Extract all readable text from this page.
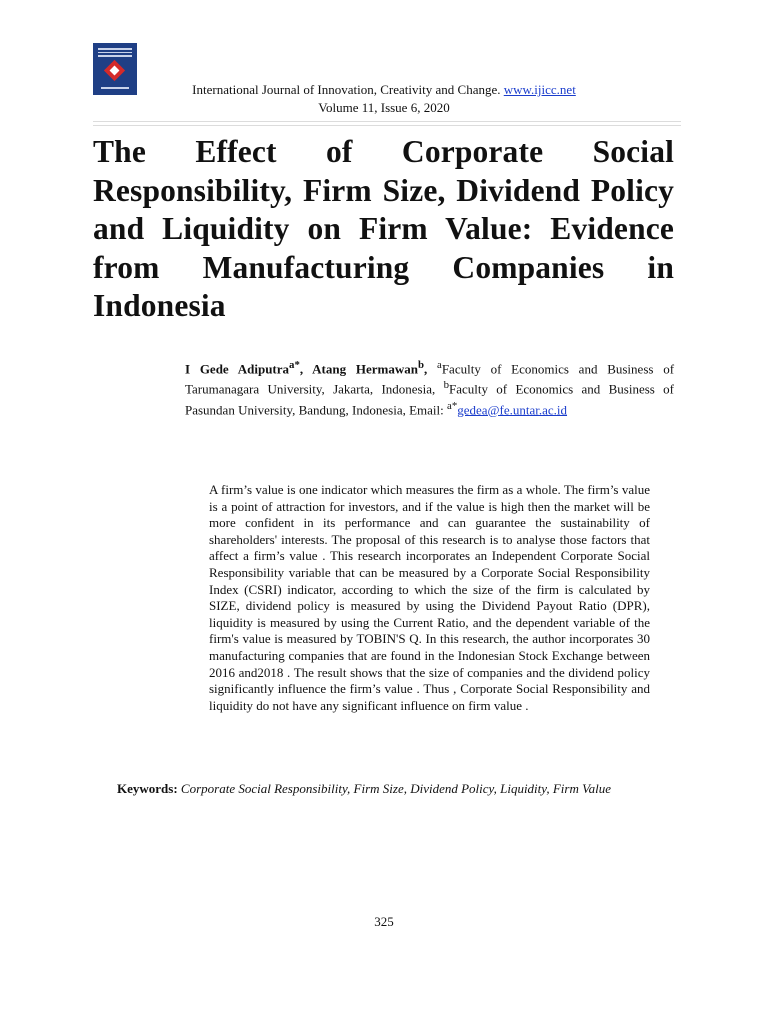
International Journal of Innovation, Creativity and Change. www.ijicc.net
Volume 11, Issue 6, 2020
The Effect of Corporate Social Responsibility, Firm Size, Dividend Policy and Liquidity on Firm Value: Evidence from Manufacturing Companies in Indonesia

I Gede Adiputra$^{a*}$, Atang Hermawan$^b$, $^a$Faculty of Economics and Business of Tarumanagara University, Jakarta, Indonesia, $^b$Faculty of Economics and Business of Pasundan University, Bandung, Indonesia, Email: $^{a*}$gedea@fe.untar.ac.id

A firm’s value is one indicator which measures the firm as a whole. The firm’s value is a point of attraction for investors, and if the value is high then the market will be more confident in its performance and can guarantee the sustainability of shareholders' interests. The proposal of this research is to analyse those factors that affect a firm’s value . This research incorporates an Independent Corporate Social Responsibility variable that can be measured by a Corporate Social Responsibility Index (CSRI) indicator, according to which the size of the firm is calculated by SIZE, dividend policy is measured by using the Dividend Payout Ratio (DPR), liquidity is measured by using the Current Ratio, and the dependent variable of the firm's value is measured by TOBIN'S Q. In this research, the author incorporates 30 manufacturing companies that are found in the Indonesian Stock Exchange between 2016 and2018 . The result shows that the size of companies and the dividend policy significantly influence the firm’s value . Thus , Corporate Social Responsibility and liquidity do not have any significant influence on firm value .

Keywords: Corporate Social Responsibility, Firm Size, Dividend Policy, Liquidity, Firm Value

325
